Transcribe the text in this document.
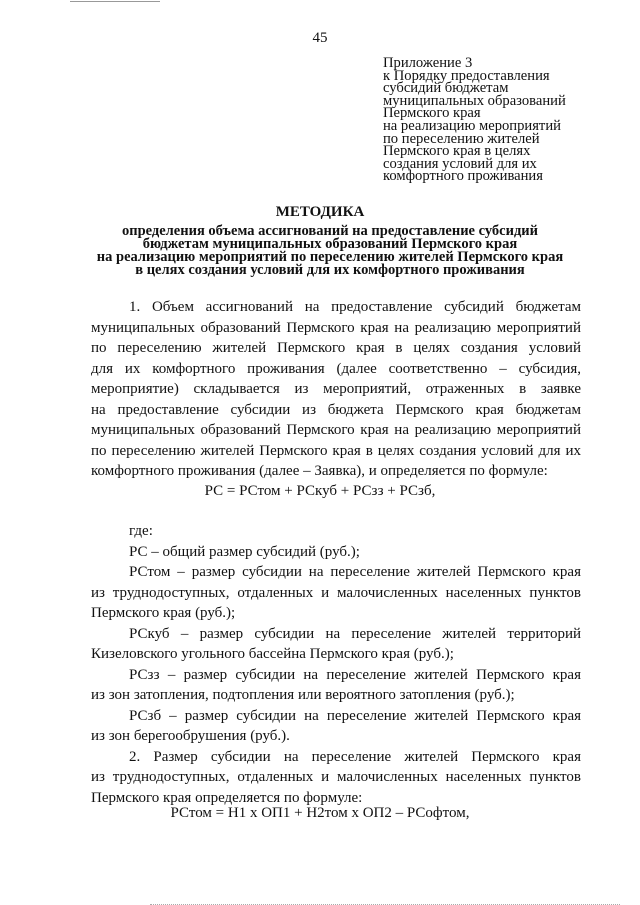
45
Приложение 3
к Порядку предоставления
субсидий бюджетам
муниципальных образований
Пермского края
на реализацию мероприятий
по переселению жителей
Пермского края в целях
создания условий для их
комфортного проживания
МЕТОДИКА
определения объема ассигнований на предоставление субсидий
бюджетам муниципальных образований Пермского края
на реализацию мероприятий по переселению жителей Пермского края
в целях создания условий для их комфортного проживания
1. Объем ассигнований на предоставление субсидий бюджетам
муниципальных образований Пермского края на реализацию мероприятий
по переселению жителей Пермского края в целях создания условий
для их комфортного проживания (далее соответственно – субсидия,
мероприятие) складывается из мероприятий, отраженных в заявке
на предоставление субсидии из бюджета Пермского края бюджетам
муниципальных образований Пермского края на реализацию мероприятий
по переселению жителей Пермского края в целях создания условий для их
комфортного проживания (далее – Заявка), и определяется по формуле:
РС = РСтом + РСкуб + РСзз + РСзб,
где:
РС – общий размер субсидий (руб.);
РСтом – размер субсидии на переселение жителей Пермского края
из труднодоступных, отдаленных и малочисленных населенных пунктов
Пермского края (руб.);
РСкуб – размер субсидии на переселение жителей территорий
Кизеловского угольного бассейна Пермского края (руб.);
РСзз – размер субсидии на переселение жителей Пермского края
из зон затопления, подтопления или вероятного затопления (руб.);
РСзб – размер субсидии на переселение жителей Пермского края
из зон берегообрушения (руб.).
2. Размер субсидии на переселение жителей Пермского края
из труднодоступных, отдаленных и малочисленных населенных пунктов
Пермского края определяется по формуле:
РСтом = Н1 х ОП1 + Н2том х ОП2 – РСофтом,
